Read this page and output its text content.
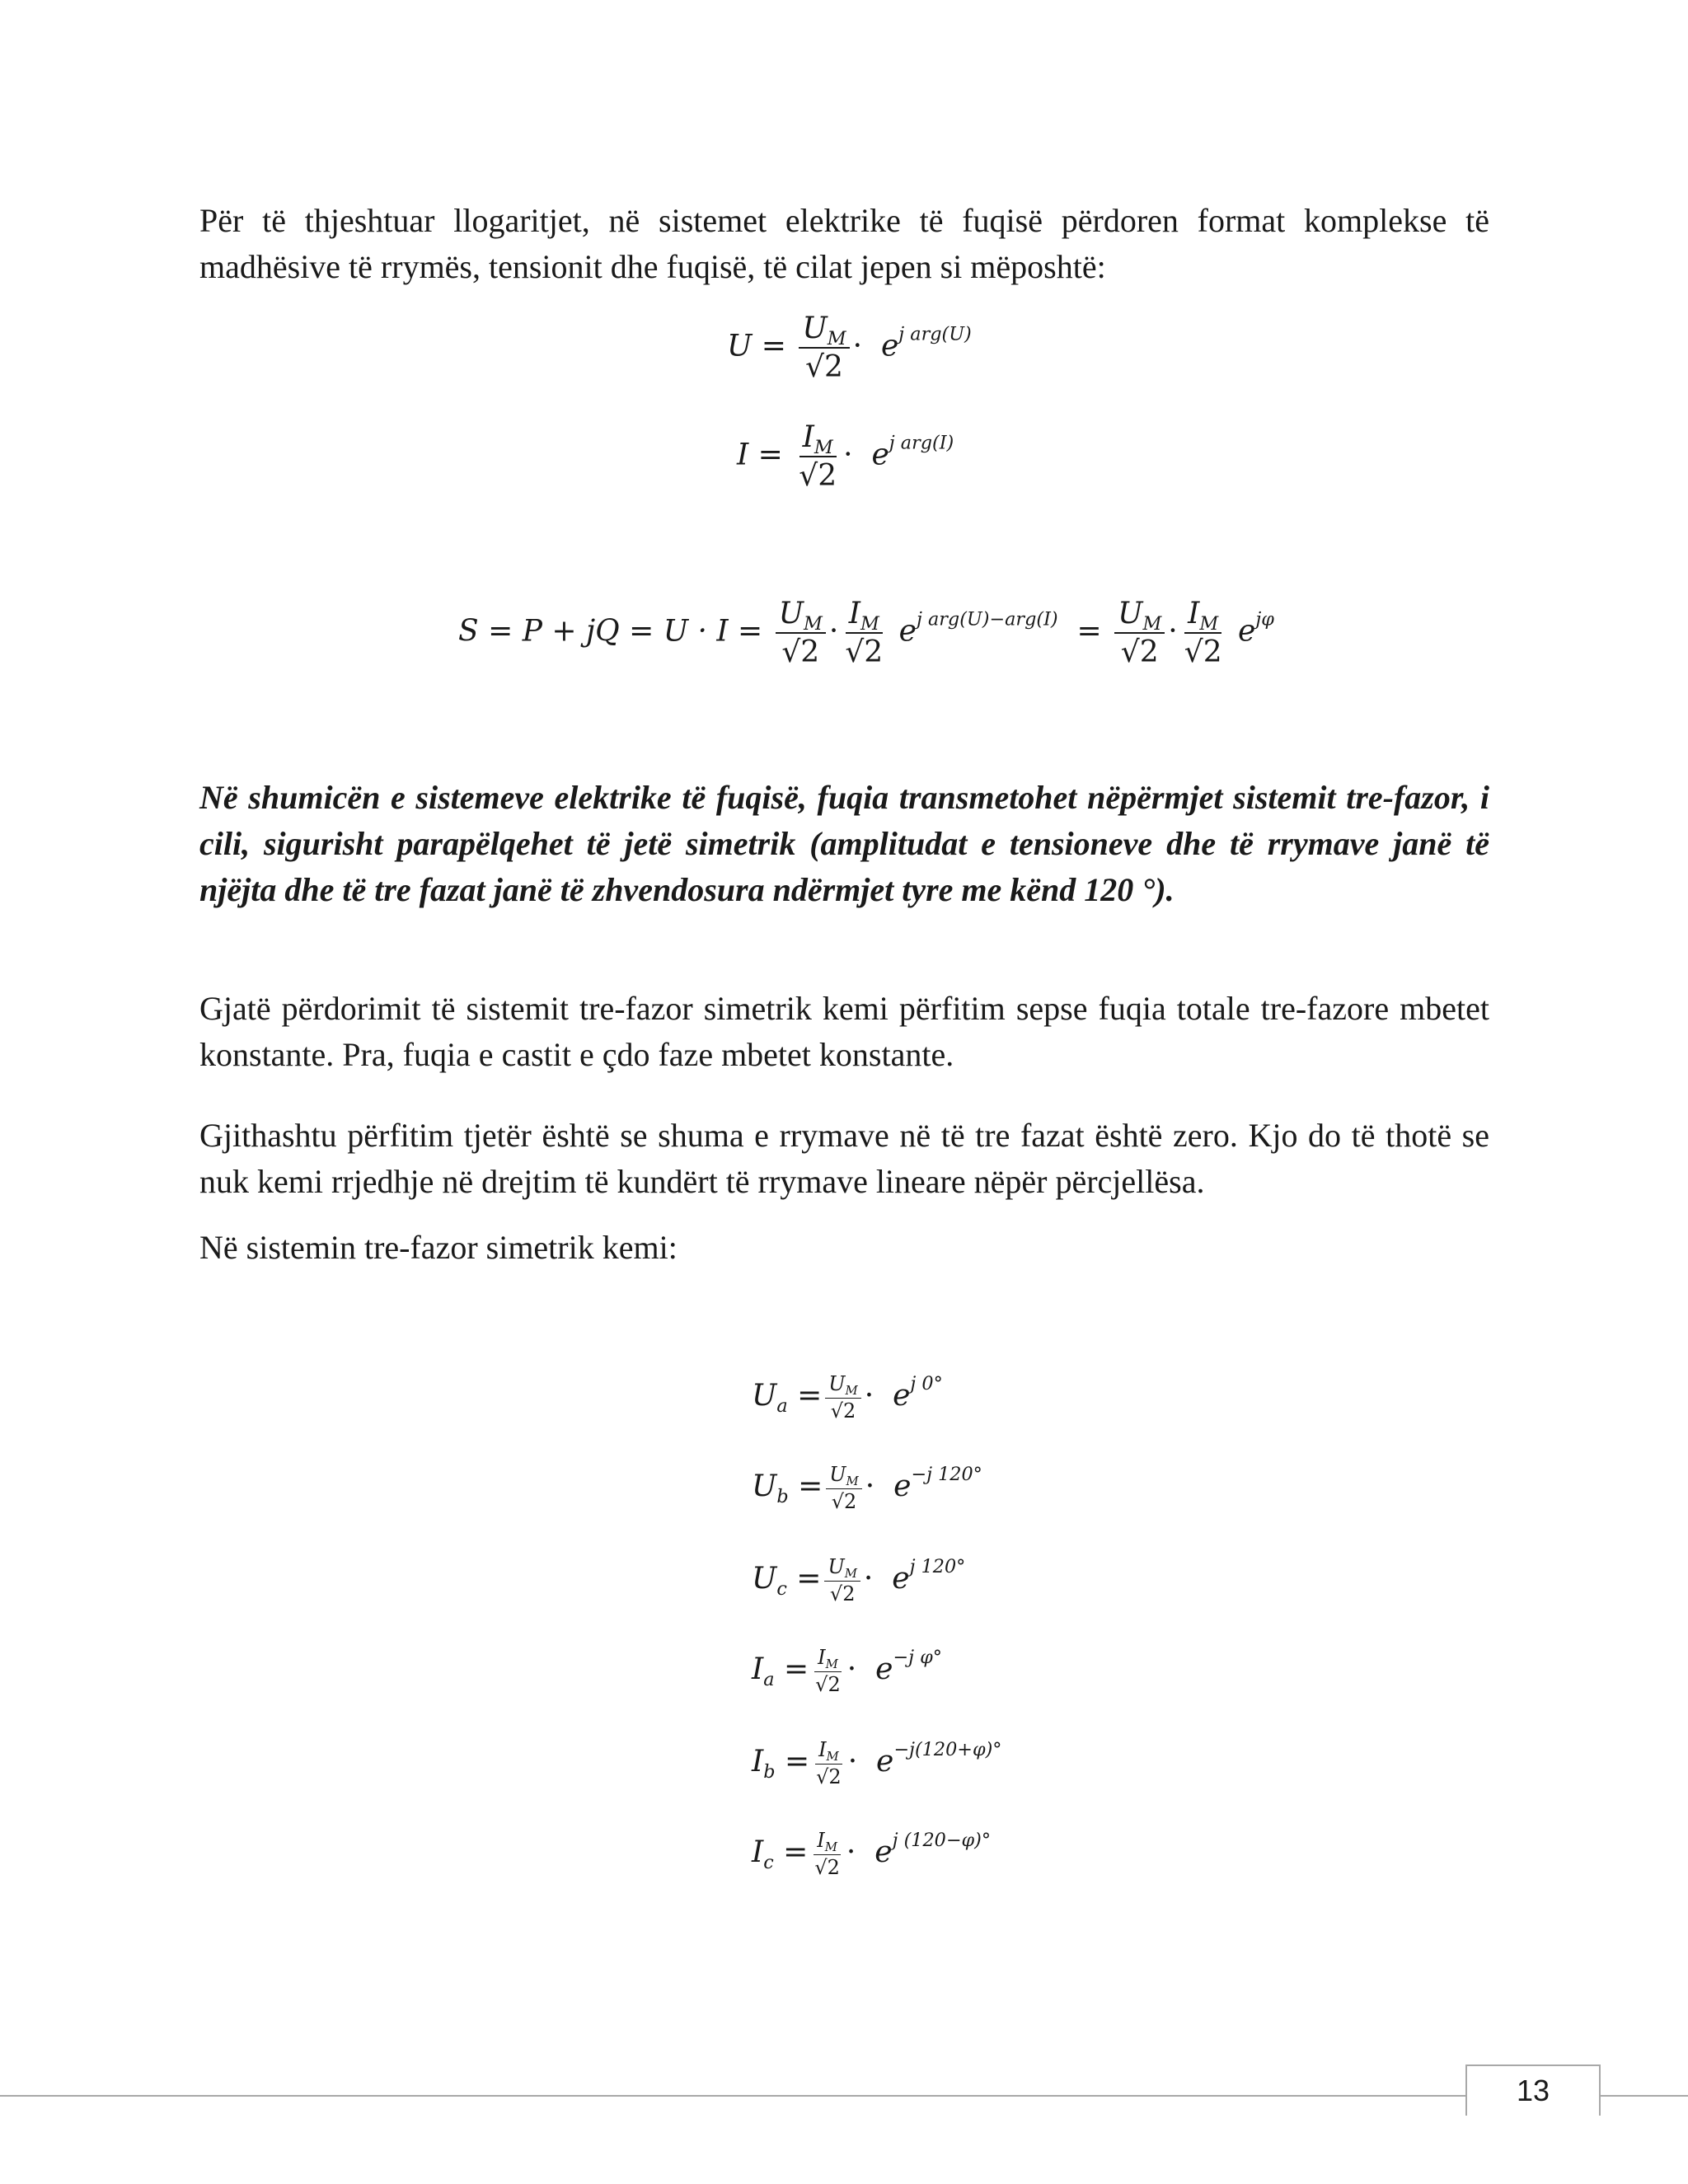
Për të thjeshtuar llogaritjet, në sistemet elektrike të fuqisë përdoren format komplekse të madhësive të rrymës, tensionit dhe fuqisë, të cilat jepen si mëposhtë:

$U = \frac{U_M}{√2} \cdot e^{j arg(U)}$
$I = \frac{I_M}{√2} \cdot e^{j arg(I)}$
S = P + jQ = $U \cdot I = \frac{U_M}{√2} \cdot \frac{I_M}{√2} e^{j arg(U)-arg(I)} = \frac{U_M}{√2} \cdot \frac{I_M}{√2} e^{j\varphi}$

Në shumicën e sistemeve elektrike të fuqisë, fuqia transmetohet nëpërmjet sistemit tre-fazor, i cili, sigurisht parapëlqehet të jetë simetrik (amplitudat e tensioneve dhe të rrymave janë të njëjta dhe të tre fazat janë të zhvendosura ndërmjet tyre me kënd 120 °).

Gjatë përdorimit të sistemit tre-fazor simetrik kemi përfitim sepse fuqia totale tre-fazore mbetet konstante. Pra, fuqia e castit e çdo faze mbetet konstante.

Gjithashtu përfitim tjetër është se shuma e rrymave në të tre fazat është zero. Kjo do të thotë se nuk kemi rrjedhje në drejtim të kundërt të rrymave lineare nëpër përcjellësa.

Në sistemin tre-fazor simetrik kemi:

$U_a = \frac{U_M}{√2} \cdot e^{j 0^\circ}$
$U_b = \frac{U_M}{√2} \cdot e^{-j 120^\circ}$
$U_c = \frac{U_M}{√2} \cdot e^{j 120^\circ}$
$I_a = \frac{I_M}{√2} \cdot e^{-j \varphi^\circ}$
$I_b = \frac{I_M}{√2} \cdot e^{-j(120+\varphi)^\circ}$
$I_c = \frac{I_M}{√2} \cdot e^{j (120-\varphi)^\circ}$
13
